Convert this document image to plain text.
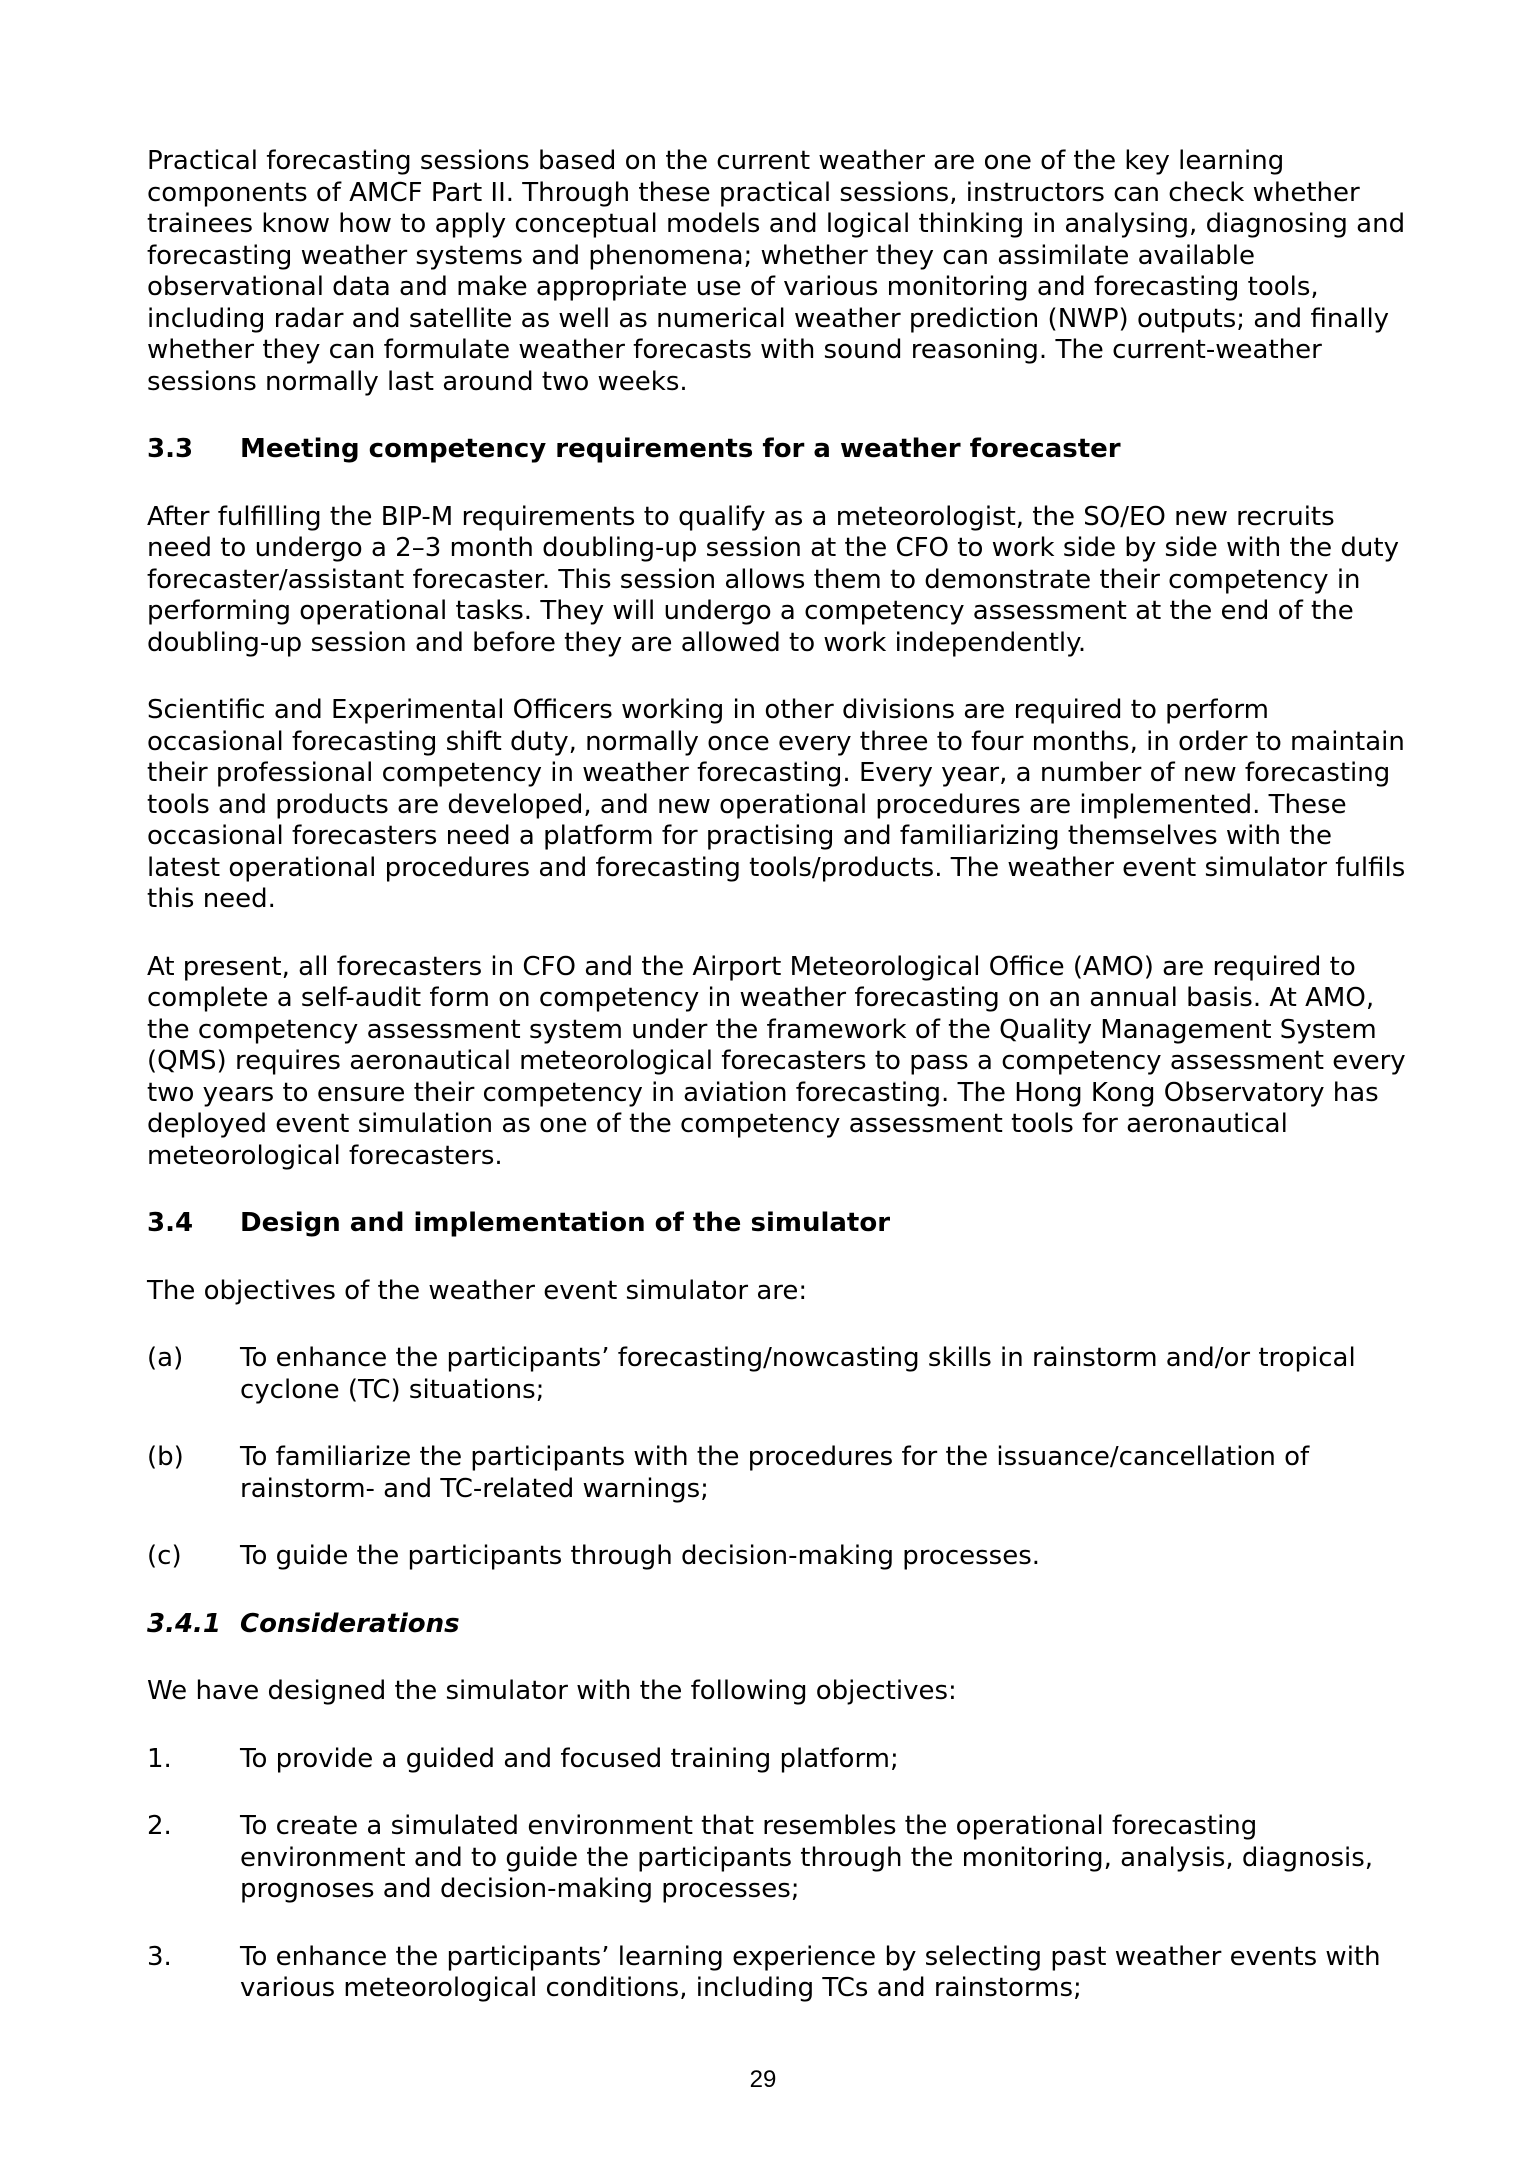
Practical forecasting sessions based on the current weather are one of the key learning components of AMCF Part II. Through these practical sessions, instructors can check whether trainees know how to apply conceptual models and logical thinking in analysing, diagnosing and forecasting weather systems and phenomena; whether they can assimilate available observational data and make appropriate use of various monitoring and forecasting tools, including radar and satellite as well as numerical weather prediction (NWP) outputs; and finally whether they can formulate weather forecasts with sound reasoning. The current-weather sessions normally last around two weeks.

3.3	Meeting competency requirements for a weather forecaster

After fulfilling the BIP-M requirements to qualify as a meteorologist, the SO/EO new recruits need to undergo a 2–3 month doubling-up session at the CFO to work side by side with the duty forecaster/assistant forecaster. This session allows them to demonstrate their competency in performing operational tasks. They will undergo a competency assessment at the end of the doubling-up session and before they are allowed to work independently.

Scientific and Experimental Officers working in other divisions are required to perform occasional forecasting shift duty, normally once every three to four months, in order to maintain their professional competency in weather forecasting. Every year, a number of new forecasting tools and products are developed, and new operational procedures are implemented. These occasional forecasters need a platform for practising and familiarizing themselves with the latest operational procedures and forecasting tools/products. The weather event simulator fulfils this need.

At present, all forecasters in CFO and the Airport Meteorological Office (AMO) are required to complete a self-audit form on competency in weather forecasting on an annual basis. At AMO, the competency assessment system under the framework of the Quality Management System (QMS) requires aeronautical meteorological forecasters to pass a competency assessment every two years to ensure their competency in aviation forecasting. The Hong Kong Observatory has deployed event simulation as one of the competency assessment tools for aeronautical meteorological forecasters.

3.4	Design and implementation of the simulator

The objectives of the weather event simulator are:

(a)	To enhance the participants’ forecasting/nowcasting skills in rainstorm and/or tropical cyclone (TC) situations;
(b)	To familiarize the participants with the procedures for the issuance/cancellation of rainstorm- and TC-related warnings;
(c)	To guide the participants through decision-making processes.
3.4.1 Considerations

We have designed the simulator with the following objectives:

1.	To provide a guided and focused training platform;
2.	To create a simulated environment that resembles the operational forecasting environment and to guide the participants through the monitoring, analysis, diagnosis, prognoses and decision-making processes;
3.	To enhance the participants’ learning experience by selecting past weather events with various meteorological conditions, including TCs and rainstorms;
29
